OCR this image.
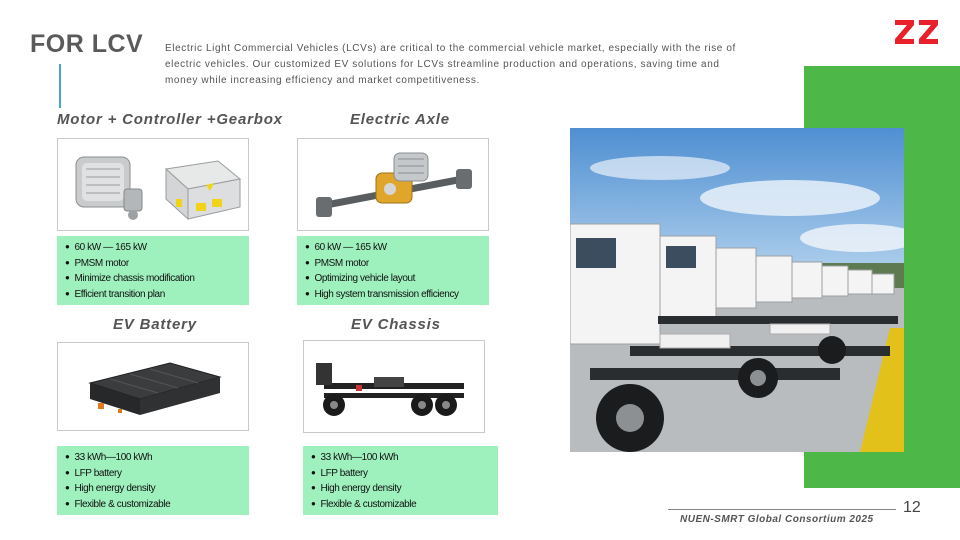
FOR LCV Electric Light Commercial Vehicles (LCVs) are critical to the commercial vehicle market, especially with the rise of electric vehicles. Our customized EV solutions for LCVs streamline production and operations, saving time and money while increasing efficiency and market competitiveness.
Motor + Controller +Gearbox
● 60 kW — 165 kW
● PMSM motor
● Minimize chassis modification
● Efficient transition plan
Electric Axle
● 60 kW — 165 kW
● PMSM motor
● Optimizing vehicle layout
● High system transmission efficiency
EV Battery
● 33 kWh—100 kWh
● LFP battery
● High energy density
● Flexible & customizable
EV Chassis
● 33 kWh—100 kWh
● LFP battery
● High energy density
● Flexible & customizable	12
NUEN-SMRT Global Consortium 2025
